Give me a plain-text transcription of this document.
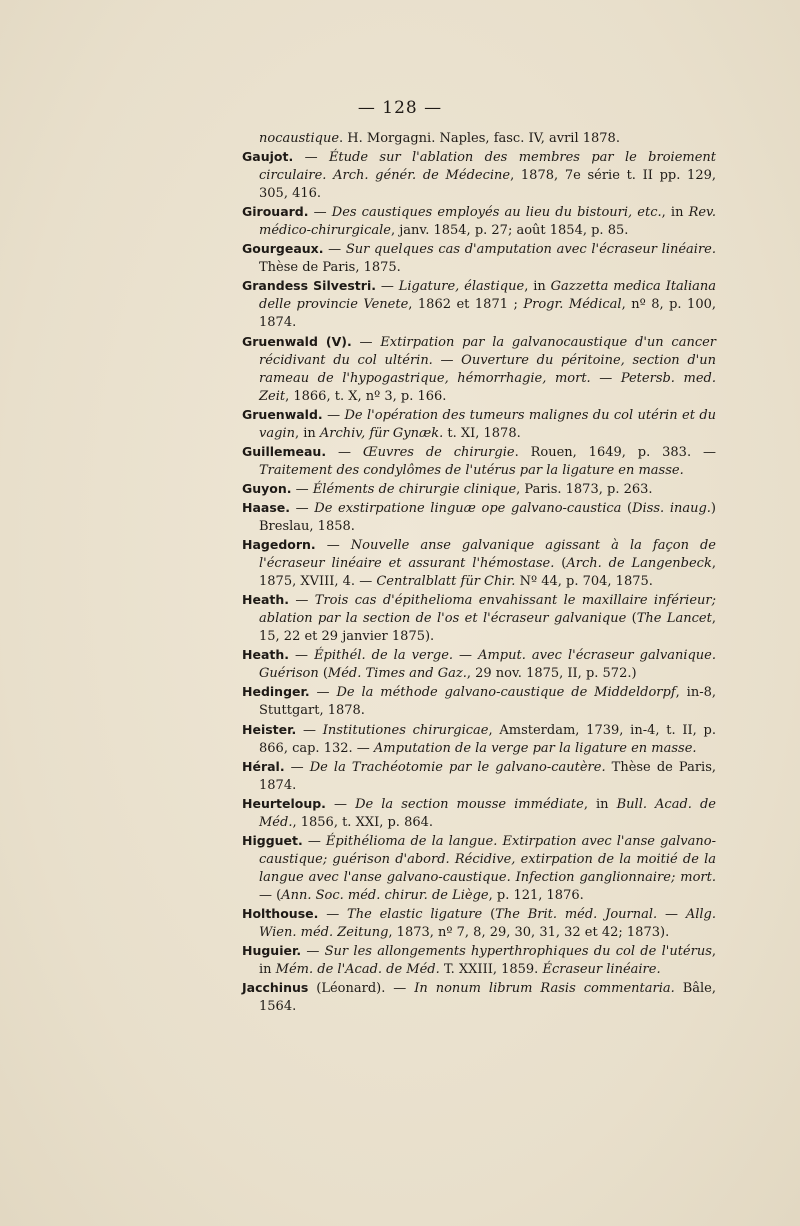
— 128 —
nocaustique. H. Morgagni. Naples, fasc. IV, avril 1878.
Gaujot. — Étude sur l'ablation des membres par le broiement circulaire. Arch. génér. de Médecine, 1878, 7e série t. II pp. 129, 305, 416.
Girouard. — Des caustiques employés au lieu du bistouri, etc., in Rev. médico-chirurgicale, janv. 1854, p. 27; août 1854, p. 85.
Gourgeaux. — Sur quelques cas d'amputation avec l'écraseur linéaire. Thèse de Paris, 1875.
Grandess Silvestri. — Ligature, élastique, in Gazzetta medica Italiana delle provincie Venete, 1862 et 1871 ; Progr. Médical, nº 8, p. 100, 1874.
Gruenwald (V). — Extirpation par la galvanocaustique d'un cancer récidivant du col ultérin. — Ouverture du péritoine, section d'un rameau de l'hypogastrique, hémorrhagie, mort. — Petersb. med. Zeit, 1866, t. X, nº 3, p. 166.
Gruenwald. — De l'opération des tumeurs malignes du col utérin et du vagin, in Archiv, für Gynæk. t. XI, 1878.
Guillemeau. — Œuvres de chirurgie. Rouen, 1649, p. 383. — Traitement des condylômes de l'utérus par la ligature en masse.
Guyon. — Éléments de chirurgie clinique, Paris. 1873, p. 263.
Haase. — De exstirpatione linguæ ope galvano-caustica (Diss. inaug.) Breslau, 1858.
Hagedorn. — Nouvelle anse galvanique agissant à la façon de l'écraseur linéaire et assurant l'hémostase. (Arch. de Langenbeck, 1875, XVIII, 4. — Centralblatt für Chir. Nº 44, p. 704, 1875.
Heath. — Trois cas d'épithelioma envahissant le maxillaire inférieur; ablation par la section de l'os et l'écraseur galvanique (The Lancet, 15, 22 et 29 janvier 1875).
Heath. — Épithél. de la verge. — Amput. avec l'écraseur galvanique. Guérison (Méd. Times and Gaz., 29 nov. 1875, II, p. 572.)
Hedinger. — De la méthode galvano-caustique de Middeldorpf, in-8, Stuttgart, 1878.
Heister. — Institutiones chirurgicae, Amsterdam, 1739, in-4, t. II, p. 866, cap. 132. — Amputation de la verge par la ligature en masse.
Héral. — De la Trachéotomie par le galvano-cautère. Thèse de Paris, 1874.
Heurteloup. — De la section mousse immédiate, in Bull. Acad. de Méd., 1856, t. XXI, p. 864.
Higguet. — Épithélioma de la langue. Extirpation avec l'anse galvano-caustique; guérison d'abord. Récidive, extirpation de la moitié de la langue avec l'anse galvano-caustique. Infection ganglionnaire; mort. — (Ann. Soc. méd. chirur. de Liège, p. 121, 1876.
Holthouse. — The elastic ligature (The Brit. méd. Journal. — Allg. Wien. méd. Zeitung, 1873, nº 7, 8, 29, 30, 31, 32 et 42; 1873).
Huguier. — Sur les allongements hyperthrophiques du col de l'utérus, in Mém. de l'Acad. de Méd. T. XXIII, 1859. Écraseur linéaire.
Jacchinus (Léonard). — In nonum librum Rasis commentaria. Bâle, 1564.
